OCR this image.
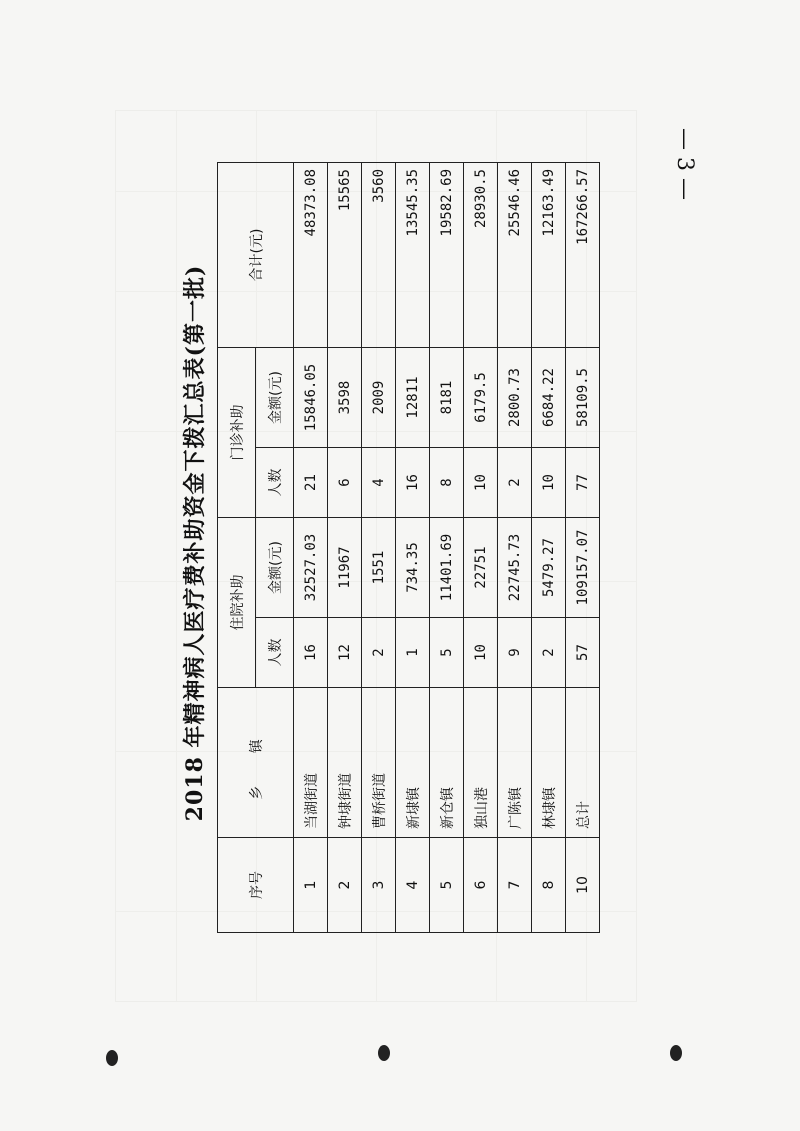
— 3 —
2018 年精神病人医疗费补助资金下拨汇总表(第一批)
序号	乡 镇	住院补助		门诊补助		合计(元)
		人数	金额(元)	人数	金额(元)	
1	当湖街道	16	32527.03	21	15846.05	48373.08
2	钟埭街道	12	11967	6	3598	15565
3	曹桥街道	2	1551	4	2009	3560
4	新埭镇	1	734.35	16	12811	13545.35
5	新仓镇	5	11401.69	8	8181	19582.69
6	独山港	10	22751	10	6179.5	28930.5
7	广陈镇	9	22745.73	2	2800.73	25546.46
8	林埭镇	2	5479.27	10	6684.22	12163.49
10	总计	57	109157.07	77	58109.5	167266.57
